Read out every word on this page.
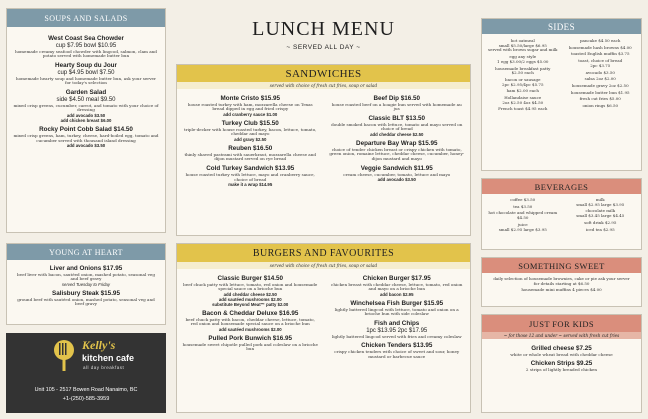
SOUPS AND SALADS
West Coast Sea Chowder
cup $7.95 bowl $10.95
homemade creamy seafood chowder with lingcod, salmon, clam and potato served with homemade butter bun
Hearty Soup du Jour
cup $4.95 bowl $7.50
homemade hearty soup and homemade butter bun, ask your server for today's selection
Garden Salad
side $4.50 meal $9.50
mixed crisp greens, cucumber, carrot, and tomato with your choice of dressing
add avocado $3.50
add chicken breast $6.00
Rocky Point Cobb Salad $14.50
mixed crisp greens, ham, turkey, cheese, hard-boiled egg, tomato and cucumber served with thousand island dressing
add avocado $3.50
YOUNG AT HEART
Liver and Onions $17.95
beef liver with bacon, sautéed onion, mashed potato, seasonal veg and beef gravy
served Tuesday to Friday
Salisbury Steak $15.95
ground beef with sautéed onion, mashed potato, seasonal veg and beef gravy
Kelly's
kitchen cafe
all day breakfast
Unit 105 - 2517 Bowen Road Nanaimo, BC
+1-(250)-585-3959
LUNCH MENU
~ SERVED ALL DAY ~
SANDWICHES
served with choice of fresh cut fries, soup or salad
Monte Cristo $15.95
house roasted turkey with ham, mozzarella cheese on Texas bread dipped in egg and fried crispy
add cranberry sauce $1.00
Turkey Club $15.50
triple-decker with house roasted turkey, bacon, lettuce, tomato, cheddar and mayo
add gravy $2.50
Reuben $16.50
thinly shaved pastrami with sauerkraut, mozzarella cheese and dijon mustard served on rye bread
Cold Turkey Sandwich $13.95
house roasted turkey with lettuce, mayo and cranberry sauce, choice of bread
make it a wrap $14.95
Beef Dip $16.50
house roasted beef on a hoagie bun served with homemade au jus
Classic BLT $13.50
double smoked bacon with lettuce, tomato and mayo served on choice of bread
add cheddar cheese $2.50
Departure Bay Wrap $15.95
choice of tender chicken breast or crispy chicken with tomato, green onion, romaine lettuce, cheddar cheese, cucumber, honey-dijon mustard and mayo
Veggie Sandwich $11.95
cream cheese, cucumber, tomato, lettuce and mayo
add avocado $3.50
BURGERS AND FAVOURITES
served with choice of fresh cut fries, soup or salad
Classic Burger $14.50
beef chuck patty with lettuce, tomato, red onion and housemade special sauce on a brioche bun
add cheddar cheese $2.50
add sautéed mushrooms $2.00
substitute Beyond Meat™ patty $2.00
Bacon & Cheddar Deluxe $16.95
beef chuck patty with bacon, cheddar cheese, lettuce, tomato, red onion and housemade special sauce on a brioche bun
add sautéed mushrooms $2.00
Pulled Pork Bunwich $16.95
housemade sweet chipotle pulled pork and coleslaw on a brioche bun
Chicken Burger $17.95
chicken breast with cheddar cheese, lettuce, tomato, red onion and mayo on a brioche bun
add bacon $2.95
Winchelsea Fish Burger $15.95
lightly battered lingcod with lettuce, tomato and onion on a brioche bun with side coleslaw
Fish and Chips
1pc $13.95 2pc $17.95
lightly battered lingcod served with fries and creamy coleslaw
Chicken Tenders $13.95
crispy chicken tenders with choice of sweet and sour, honey mustard or barbecue sauce
SIDES
hot oatmeal
small $5.50/large $6.95
served with brown sugar and milk
egg any style
1 egg $3.00/2 eggs $5.00
housemade breakfast patty
$2.50 each
bacon or sausage
2pc $2.95/4pc $5.75
ham $2.00 each
Hollandaise sauce
2oz $2.50 4oz $4.50
French toast $4.95 each
pancake $4.50 each
housemade hash browns $4.00
toasted English muffin $3.75
toast, choice of bread
2pc $3.75
avocado $3.50
salsa 2oz $2.00
housemade gravy 2oz $2.50
housemade butter bun $1.95
fresh cut fries $5.00
onion rings $6.50
BEVERAGES
coffee $3.50
tea $3.50
hot chocolate and whipped cream $4.50
juice
small $2.95 large $3.95
milk
small $2.95 large $3.95
chocolate milk
small $3.45 large $4.45
soft drink $2.95
iced tea $2.95
SOMETHING SWEET
daily selection of housemade brownies, cake or pie ask your server for details starting at $6.50
housemade mini muffins 4 pieces $4.00
JUST FOR KIDS
~ for those 12 and under ~ served with fresh cut fries
Grilled cheese $7.25
white or whole wheat bread with cheddar cheese
Chicken Strips $9.25
2 strips of lightly breaded chicken
